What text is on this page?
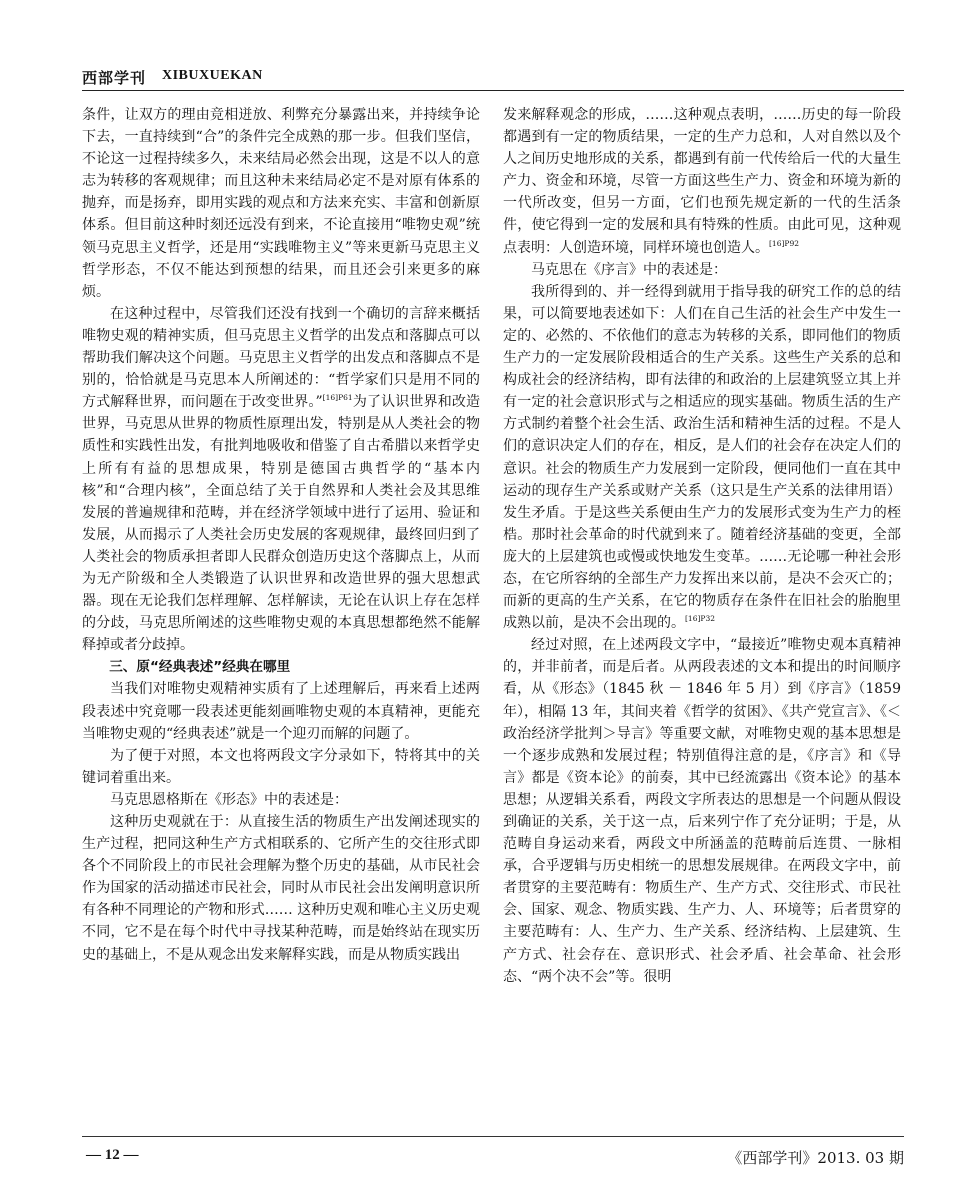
西部学刊 XIBUXUEKAN

条件，让双方的理由竞相迸放、利弊充分暴露出来，并持续争论下去，一直持续到“合”的条件完全成熟的那一步。但我们坚信，不论这一过程持续多久，未来结局必然会出现，这是不以人的意志为转移的客观规律；而且这种未来结局必定不是对原有体系的抛弃，而是扬弃，即用实践的观点和方法来充实、丰富和创新原体系。但目前这种时刻还远没有到来，不论直接用“唯物史观”统领马克思主义哲学，还是用“实践唯物主义”等来更新马克思主义哲学形态，不仅不能达到预想的结果，而且还会引来更多的麻烦。

在这种过程中，尽管我们还没有找到一个确切的言辞来概括唯物史观的精神实质，但马克思主义哲学的出发点和落脚点可以帮助我们解决这个问题。马克思主义哲学的出发点和落脚点不是别的，恰恰就是马克思本人所阐述的：“哲学家们只是用不同的方式解释世界，而问题在于改变世界。”$^{[16]P61}$为了认识世界和改造世界，马克思从世界的物质性原理出发，特别是从人类社会的物质性和实践性出发，有批判地吸收和借鉴了自古希腊以来哲学史上所有有益的思想成果，特别是德国古典哲学的“基本内核”和“合理内核”，全面总结了关于自然界和人类社会及其思维发展的普遍规律和范畴，并在经济学领域中进行了运用、验证和发展，从而揭示了人类社会历史发展的客观规律，最终回归到了人类社会的物质承担者即人民群众创造历史这个落脚点上，从而为无产阶级和全人类锻造了认识世界和改造世界的强大思想武器。现在无论我们怎样理解、怎样解读，无论在认识上存在怎样的分歧，马克思所阐述的这些唯物史观的本真思想都绝然不能解释掉或者分歧掉。

三、原“经典表述”经典在哪里

当我们对唯物史观精神实质有了上述理解后，再来看上述两段表述中究竟哪一段表述更能刻画唯物史观的本真精神，更能充当唯物史观的“经典表述”就是一个迎刃而解的问题了。

为了便于对照，本文也将两段文字分录如下，特将其中的关键词着重出来。

马克思恩格斯在《形态》中的表述是：

这种历史观就在于：从直接生活的物质生产出发阐述现实的生产过程，把同这种生产方式相联系的、它所产生的交往形式即各个不同阶段上的市民社会理解为整个历史的基础，从市民社会作为国家的活动描述市民社会，同时从市民社会出发阐明意识所有各种不同理论的产物和形式…… 这种历史观和唯心主义历史观不同，它不是在每个时代中寻找某种范畴，而是始终站在现实历史的基础上，不是从观念出发来解释实践，而是从物质实践出

发来解释观念的形成，……这种观点表明，……历史的每一阶段都遇到有一定的物质结果，一定的生产力总和，人对自然以及个人之间历史地形成的关系，都遇到有前一代传给后一代的大量生产力、资金和环境，尽管一方面这些生产力、资金和环境为新的一代所改变，但另一方面，它们也预先规定新的一代的生活条件，使它得到一定的发展和具有特殊的性质。由此可见，这种观点表明：人创造环境，同样环境也创造人。$^{[16]P92}$

马克思在《序言》中的表述是：

我所得到的、并一经得到就用于指导我的研究工作的总的结果，可以简要地表述如下：人们在自己生活的社会生产中发生一定的、必然的、不依他们的意志为转移的关系，即同他们的物质生产力的一定发展阶段相适合的生产关系。这些生产关系的总和构成社会的经济结构，即有法律的和政治的上层建筑竖立其上并有一定的社会意识形式与之相适应的现实基础。物质生活的生产方式制约着整个社会生活、政治生活和精神生活的过程。不是人们的意识决定人们的存在，相反，是人们的社会存在决定人们的意识。社会的物质生产力发展到一定阶段，便同他们一直在其中运动的现存生产关系或财产关系（这只是生产关系的法律用语）发生矛盾。于是这些关系便由生产力的发展形式变为生产力的桎梏。那时社会革命的时代就到来了。随着经济基础的变更，全部庞大的上层建筑也或慢或快地发生变革。……无论哪一种社会形态，在它所容纳的全部生产力发挥出来以前，是决不会灭亡的；而新的更高的生产关系，在它的物质存在条件在旧社会的胎胞里成熟以前，是决不会出现的。$^{[16]P32}$

经过对照，在上述两段文字中，“最接近”唯物史观本真精神的，并非前者，而是后者。从两段表述的文本和提出的时间顺序看，从《形态》（1845 秋 － 1846 年 5 月）到《序言》（1859 年），相隔 13 年，其间夹着《哲学的贫困》、《共产党宣言》、《＜政治经济学批判＞导言》等重要文献，对唯物史观的基本思想是一个逐步成熟和发展过程；特别值得注意的是，《序言》和《导言》都是《资本论》的前奏，其中已经流露出《资本论》的基本思想；从逻辑关系看，两段文字所表达的思想是一个问题从假设到确证的关系，关于这一点，后来列宁作了充分证明；于是，从范畴自身运动来看，两段文中所涵盖的范畴前后连贯、一脉相承，合乎逻辑与历史相统一的思想发展规律。在两段文字中，前者贯穿的主要范畴有：物质生产、生产方式、交往形式、市民社会、国家、观念、物质实践、生产力、人、环境等；后者贯穿的主要范畴有：人、生产力、生产关系、经济结构、上层建筑、生产方式、社会存在、意识形式、社会矛盾、社会革命、社会形态、“两个决不会”等。很明

— 12 —	《西部学刊》2013. 03 期
